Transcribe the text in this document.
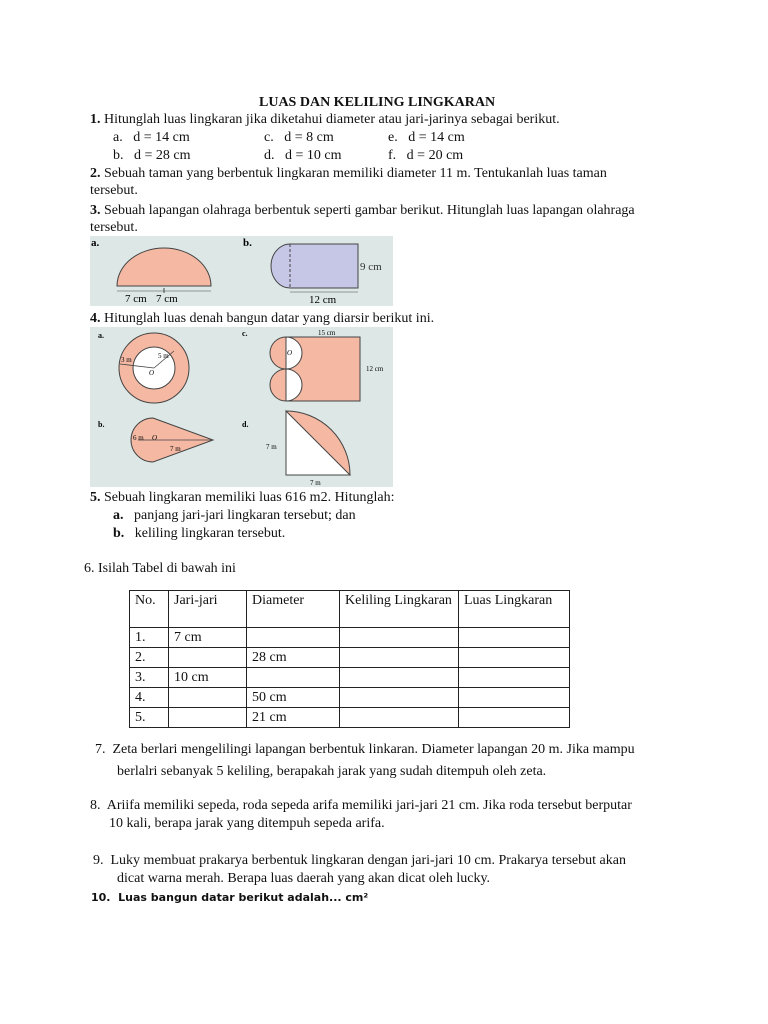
LUAS DAN KELILING LINGKARAN
1. Hitunglah luas lingkaran jika diketahui diameter atau jari-jarinya sebagai berikut.
a. d = 14 cm
b. d = 28 cm
c. d = 8 cm
d. d = 10 cm
e. d = 14 cm
f. d = 20 cm
2. Sebuah taman yang berbentuk lingkaran memiliki diameter 11 m. Tentukanlah luas taman
tersebut.
3. Sebuah lapangan olahraga berbentuk seperti gambar berikut. Hitunglah luas lapangan olahraga
tersebut.
a.
7 cm 7 cm
b.
9 cm
12 cm
4. Hitunglah luas denah bangun datar yang diarsir berikut ini.
a.
3 m	5 m
O
b.
6 m O
7 m
c.	15 cm
12 cm
O
d.
7 m
7 m
5. Sebuah lingkaran memiliki luas 616 m2. Hitunglah:
a. panjang jari-jari lingkaran tersebut; dan
b. keliling lingkaran tersebut.
6. Isilah Tabel di bawah ini
No.	Jari-jari	Diameter	Keliling Lingkaran	Luas Lingkaran
1.	7 cm			
2.		28 cm		
3.	10 cm			
4.		50 cm		
5.		21 cm		
7. Zeta berlari mengelilingi lapangan berbentuk linkaran. Diameter lapangan 20 m. Jika mampu
berlalri sebanyak 5 keliling, berapakah jarak yang sudah ditempuh oleh zeta.
8. Ariifa memiliki sepeda, roda sepeda arifa memiliki jari-jari 21 cm. Jika roda tersebut berputar
10 kali, berapa jarak yang ditempuh sepeda arifa.
9. Luky membuat prakarya berbentuk lingkaran dengan jari-jari 10 cm. Prakarya tersebut akan
dicat warna merah. Berapa luas daerah yang akan dicat oleh lucky.
10. Luas bangun datar berikut adalah... cm²
